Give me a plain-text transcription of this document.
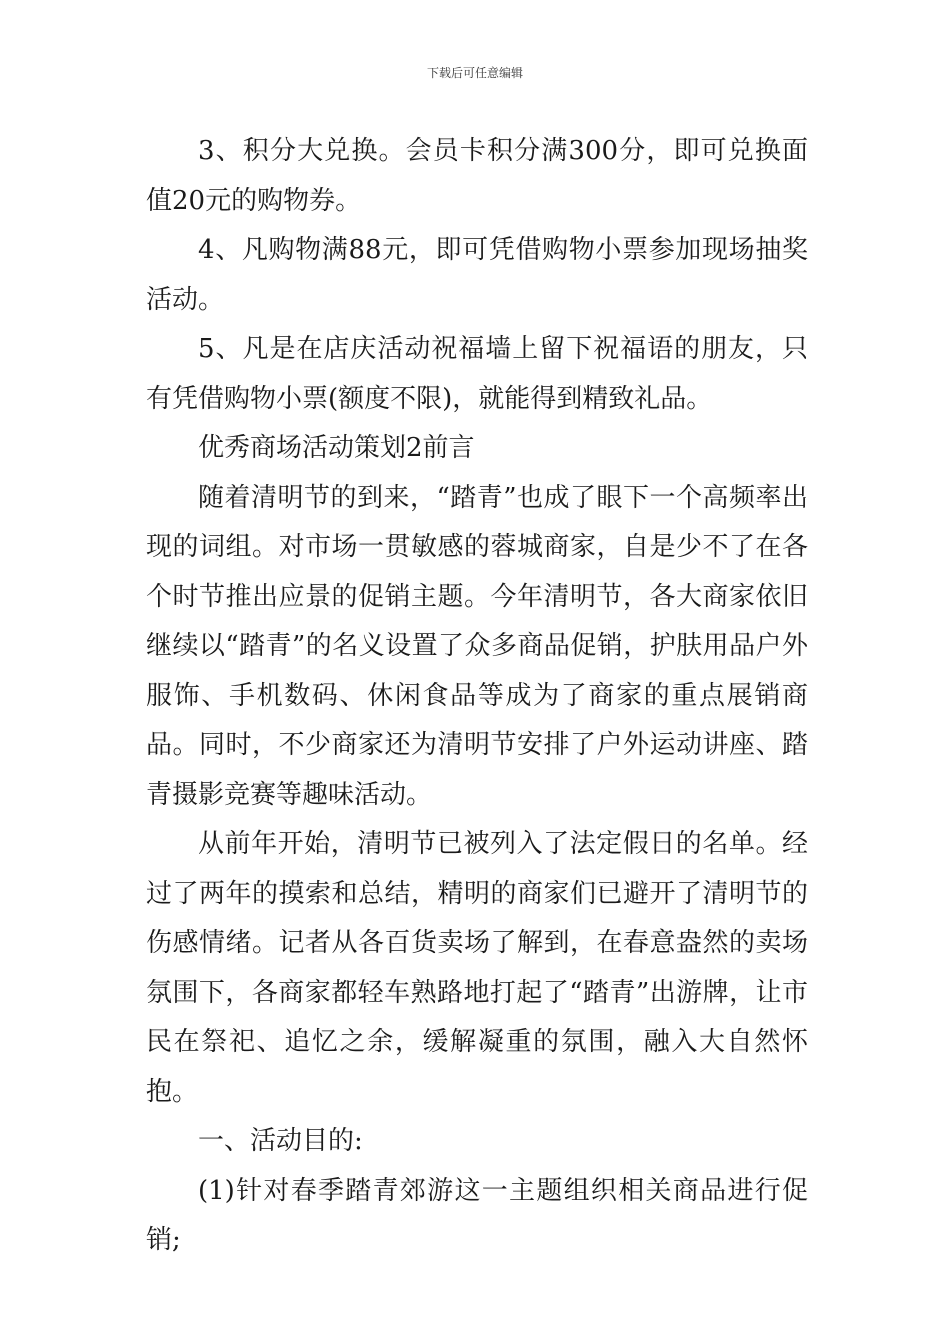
下载后可任意编辑

3、积分大兑换。会员卡积分满300分，即可兑换面值20元的购物券。

4、凡购物满88元，即可凭借购物小票参加现场抽奖活动。

5、凡是在店庆活动祝福墙上留下祝福语的朋友，只有凭借购物小票(额度不限)，就能得到精致礼品。

优秀商场活动策划2前言

随着清明节的到来，“踏青”也成了眼下一个高频率出现的词组。对市场一贯敏感的蓉城商家，自是少不了在各个时节推出应景的促销主题。今年清明节，各大商家依旧继续以“踏青”的名义设置了众多商品促销，护肤用品户外服饰、手机数码、休闲食品等成为了商家的重点展销商品。同时，不少商家还为清明节安排了户外运动讲座、踏青摄影竞赛等趣味活动。

从前年开始，清明节已被列入了法定假日的名单。经过了两年的摸索和总结，精明的商家们已避开了清明节的伤感情绪。记者从各百货卖场了解到，在春意盎然的卖场氛围下，各商家都轻车熟路地打起了“踏青”出游牌，让市民在祭祀、追忆之余，缓解凝重的氛围，融入大自然怀抱。

一、活动目的:

(1)针对春季踏青郊游这一主题组织相关商品进行促销;
